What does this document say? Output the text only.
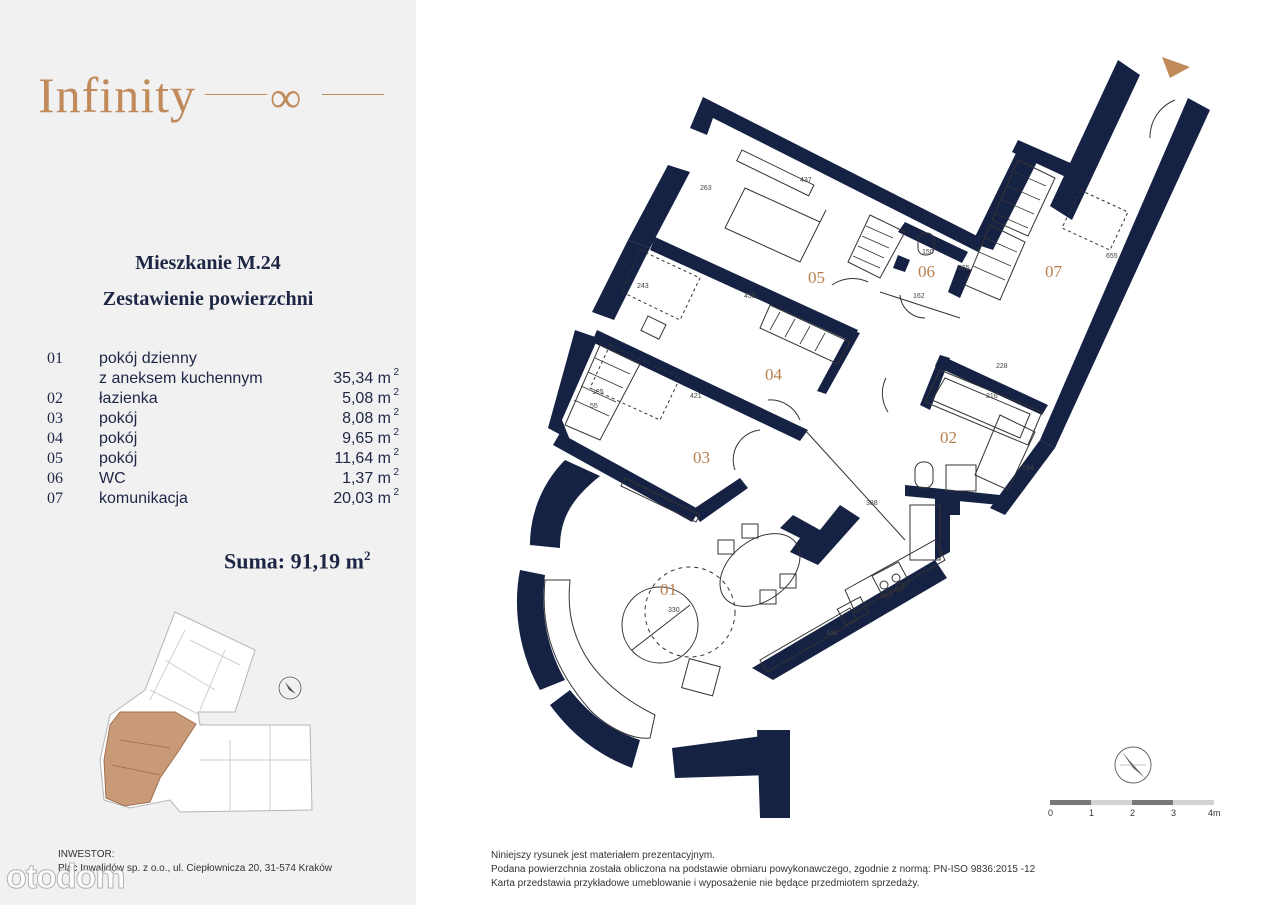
Infinity ∞
Mieszkanie M.24
Zestawienie powierzchni
01 pokój dzienny
z aneksem kuchennym	35,34 m 2
02 łazienka	5,08 m 2
03 pokój	8,08 m 2
04 pokój	9,65 m 2
05 pokój	11,64 m 2
06 WC	1,37 m 2
07 komunikacja	20,03 m 2
Suma: 91,19 $m^2$
INWESTOR:
Plac Inwalidów sp. z o.o., ul. Ciepłownicza 20, 31-574 Kraków
otodom
437
263
435
243
421
185
150
162
265
228
216
194
655
388
448
330
55
01
02
03
04
05	06	07
0	1	2	3	4m
Niniejszy rysunek jest materiałem prezentacyjnym.
Podana powierzchnia została obliczona na podstawie obmiaru powykonawczego, zgodnie z normą: PN-ISO 9836:2015 -12
Karta przedstawia przykładowe umeblowanie i wyposażenie nie będące przedmiotem sprzedaży.
